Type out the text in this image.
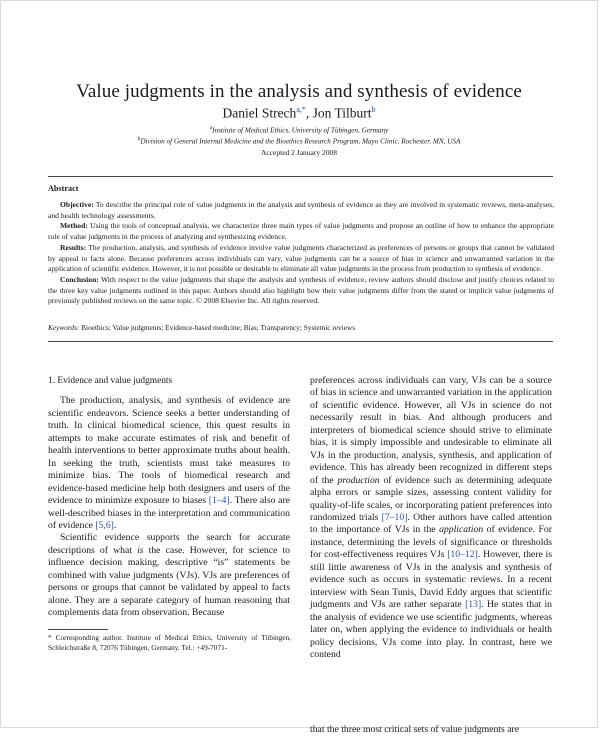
Value judgments in the analysis and synthesis of evidence
Daniel Strech$^{a,*}$, Jon Tilburt$^b$
$^a$Institute of Medical Ethics, University of Tübingen, Germany
$^b$Division of General Internal Medicine and the Bioethics Research Program, Mayo Clinic, Rochester, MN, USA
Accepted 2 January 2008
Abstract

Objective: To describe the principal role of value judgments in the analysis and synthesis of evidence as they are involved in systematic reviews, meta-analyses, and health technology assessments.

Method: Using the tools of conceptual analysis, we characterize three main types of value judgments and propose an outline of how to enhance the appropriate role of value judgments in the process of analyzing and synthesizing evidence.

Results: The production, analysis, and synthesis of evidence involve value judgments characterized as preferences of persons or groups that cannot be validated by appeal to facts alone. Because preferences across individuals can vary, value judgments can be a source of bias in science and unwarranted variation in the application of scientific evidence. However, it is not possible or desirable to eliminate all value judgments in the process from production to synthesis of evidence.

Conclusion: With respect to the value judgments that shape the analysis and synthesis of evidence, review authors should disclose and justify choices related to the three key value judgments outlined in this paper. Authors should also highlight how their value judgments differ from the stated or implicit value judgments of previously published reviews on the same topic. © 2008 Elsevier Inc. All rights reserved.

Keywords: Bioethics; Value judgments; Evidence-based medicine; Bias; Transparency; Systemic reviews
1. Evidence and value judgments

The production, analysis, and synthesis of evidence are scientific endeavors. Science seeks a better understanding of truth. In clinical biomedical science, this quest results in attempts to make accurate estimates of risk and benefit of health interventions to better approximate truths about health. In seeking the truth, scientists must take measures to minimize bias. The tools of biomedical research and evidence-based medicine help both designers and users of the evidence to minimize exposure to biases [1–4]. There also are well-described biases in the interpretation and communication of evidence [5,6].

Scientific evidence supports the search for accurate descriptions of what is the case. However, for science to influence decision making, descriptive “is” statements be combined with value judgments (VJs). VJs are preferences of persons or groups that cannot be validated by appeal to facts alone. They are a separate category of human reasoning that complements data from observation. Because

preferences across individuals can vary, VJs can be a source of bias in science and unwarranted variation in the application of scientific evidence. However, all VJs in science do not necessarily result in bias. And although producers and interpreters of biomedical science should strive to eliminate bias, it is simply impossible and undesirable to eliminate all VJs in the production, analysis, synthesis, and application of evidence. This has already been recognized in different steps of the production of evidence such as determining adequate alpha errors or sample sizes, assessing content validity for quality-of-life scales, or incorporating patient preferences into randomized trials [7–10]. Other authors have called attention to the importance of VJs in the application of evidence. For instance, determining the levels of significance or thresholds for cost-effectiveness requires VJs [10–12]. However, there is still little awareness of VJs in the analysis and synthesis of evidence such as occurs in systematic reviews. In a recent interview with Sean Tunis, David Eddy argues that scientific judgments and VJs are rather separate [13]. He states that in the analysis of evidence we use scientific judgments, whereas later on, when applying the evidence to individuals or health policy decisions, VJs come into play. In contrast, here we contend

that the three most critical sets of value judgments are
* Corresponding author. Institute of Medical Ethics, University of Tübingen, Schleichstraße 8, 72076 Tübingen, Germany. Tel.: +49-7071-
